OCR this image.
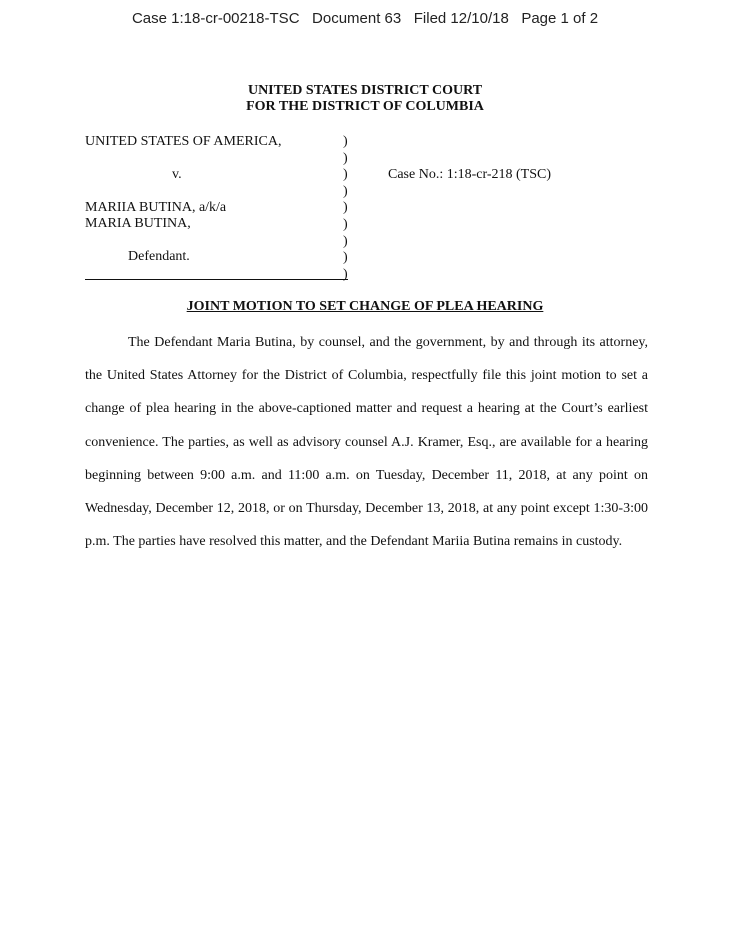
Case 1:18-cr-00218-TSC   Document 63   Filed 12/10/18   Page 1 of 2
UNITED STATES DISTRICT COURT
FOR THE DISTRICT OF COLUMBIA
UNITED STATES OF AMERICA,
v.
MARIIA BUTINA, a/k/a
MARIA BUTINA,
Defendant.
)
)
)
)
)
)
)
)
)
Case No.: 1:18-cr-218 (TSC)
JOINT MOTION TO SET CHANGE OF PLEA HEARING

The Defendant Maria Butina, by counsel, and the government, by and through its attorney, the United States Attorney for the District of Columbia, respectfully file this joint motion to set a change of plea hearing in the above-captioned matter and request a hearing at the Court’s earliest convenience. The parties, as well as advisory counsel A.J. Kramer, Esq., are available for a hearing beginning between 9:00 a.m. and 11:00 a.m. on Tuesday, December 11, 2018, at any point on Wednesday, December 12, 2018, or on Thursday, December 13, 2018, at any point except 1:30-3:00 p.m. The parties have resolved this matter, and the Defendant Mariia Butina remains in custody.
